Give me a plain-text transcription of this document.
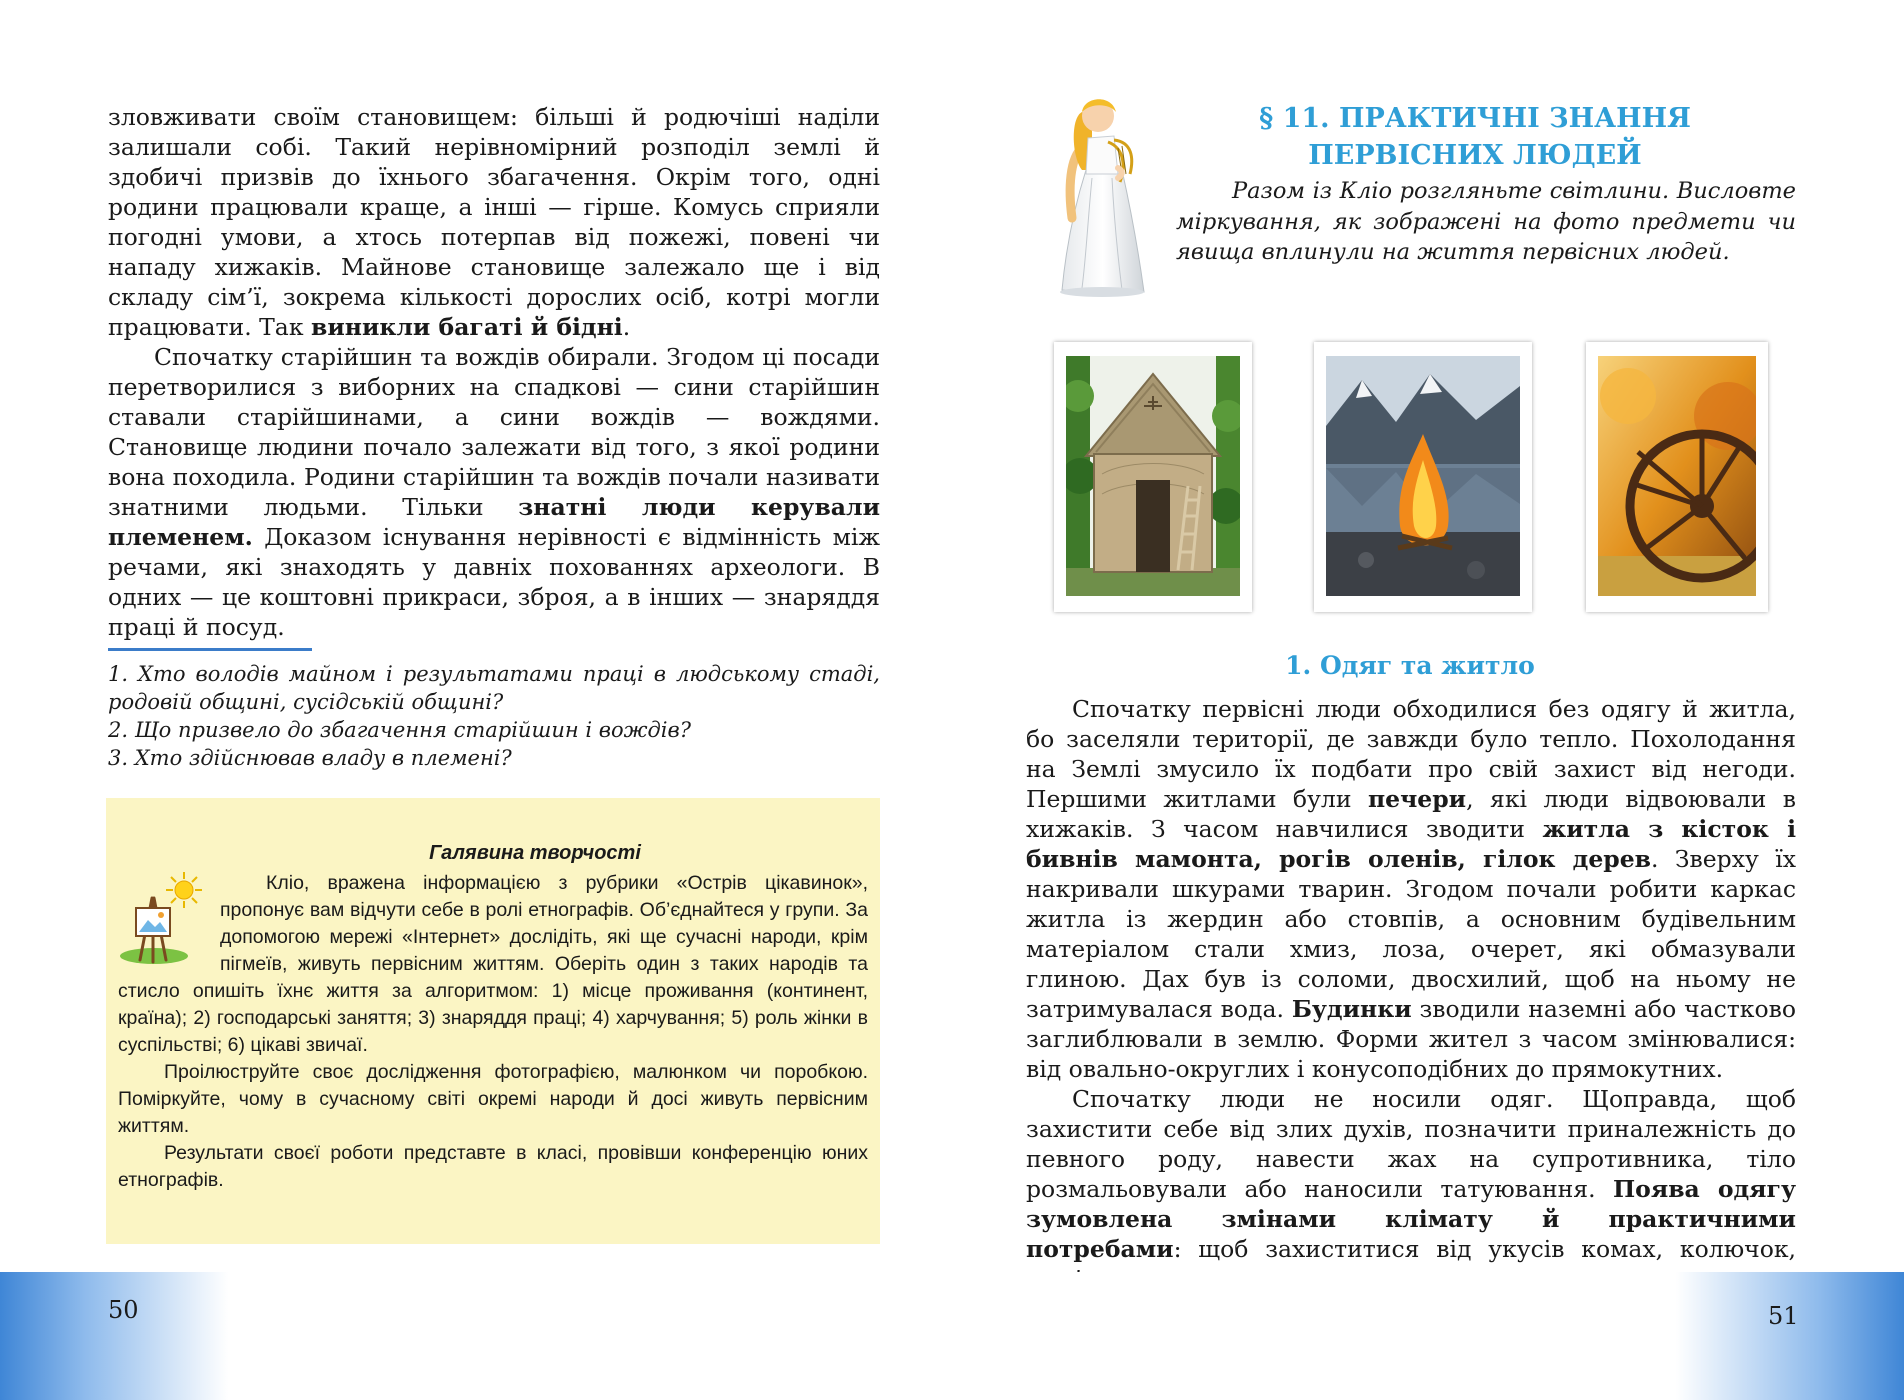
зловживати своїм становищем: більші й родючіші наділи залишали собі. Такий нерівномірний розподіл землі й здобичі призвів до їхнього збагачення. Окрім того, одні родини працювали краще, а інші — гірше. Комусь сприяли погодні умови, а хтось потерпав від пожежі, повені чи нападу хижаків. Майнове становище залежало ще і від складу сім’ї, зокрема кількості дорослих осіб, котрі могли працювати. Так виникли багаті й бідні.

Спочатку старійшин та вождів обирали. Згодом ці посади перетворилися з виборних на спадкові — сини старійшин ставали старійшинами, а сини вождів — вождями. Становище людини почало залежати від того, з якої родини вона походила. Родини старійшин та вождів почали називати знатними людьми. Тільки знатні люди керували племенем. Доказом існування нерівності є відмінність між речами, які знаходять у давніх похованнях археологи. В одних — це коштовні прикраси, зброя, а в інших — знаряддя праці й посуд.

1. Хто володів майном і результатами праці в людському стаді, родовій общині, сусідській общині?
2. Що призвело до збагачення старійшин і вождів?
3. Хто здійснював владу в племені?
Галявина творчості

Кліо, вражена інформацією з рубрики «Острів цікавинок», пропонує вам відчути себе в ролі етнографів. Об’єднайтеся у групи. За допомогою мережі «Інтернет» дослідіть, які ще сучасні народи, крім пігмеїв, живуть первісним життям. Оберіть один з таких народів та стисло опишіть їхнє життя за алгоритмом: 1) місце проживання (континент, країна); 2) господарські заняття; 3) знаряддя праці; 4) харчування; 5) роль жінки в суспільстві; 6) цікаві звичаї.

Проілюструйте своє дослідження фотографією, малюнком чи поробкою. Поміркуйте, чому в сучасному світі окремі народи й досі живуть первісним життям.

Результати своєї роботи представте в класі, провівши конференцію юних етнографів.

50
§ 11. ПРАКТИЧНІ ЗНАННЯ
ПЕРВІСНИХ ЛЮДЕЙ

Разом із Кліо розгляньте світлини. Висловте міркування, як зображені на фото предмети чи явища вплинули на життя первісних людей.

1. Одяг та житло

Спочатку первісні люди обходилися без одягу й житла, бо заселяли території, де завжди було тепло. Похолодання на Землі змусило їх подбати про свій захист від негоди. Першими житлами були печери, які люди відвоювали в хижаків. З часом навчилися зводити житла з кісток і бивнів мамонта, рогів оленів, гілок дерев. Зверху їх накривали шкурами тварин. Згодом почали робити каркас житла із жердин або стовпів, а основним будівельним матеріалом стали хмиз, лоза, очерет, які обмазували глиною. Дах був із соломи, двосхилий, щоб на ньому не затримувалася вода. Будинки зводили наземні або частково заглиблювали в землю. Форми жител з часом змінювалися: від овально-округлих і конусоподібних до прямокутних.

Спочатку люди не носили одяг. Щоправда, щоб захистити себе від злих духів, позначити приналежність до певного роду, навести жах на супротивника, тіло розмальовували або наносили татуювання. Поява одягу зумовлена змінами клімату й практичними потребами: щоб захиститися від укусів комах, колючок,

51
